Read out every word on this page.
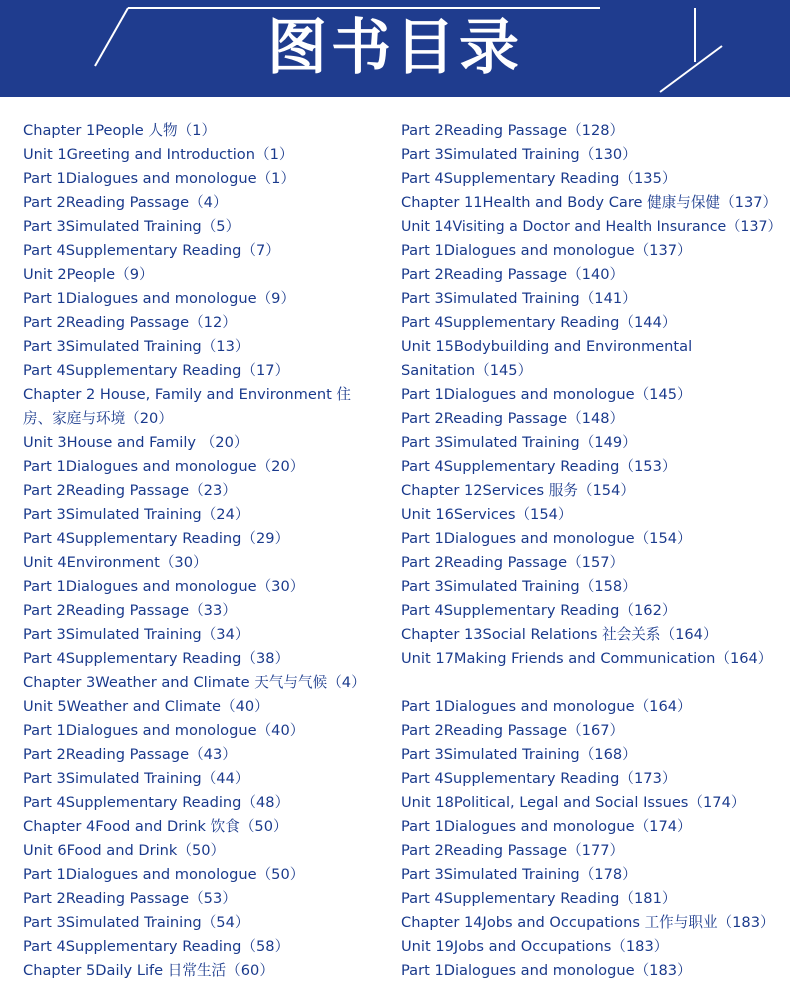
图书目录
Chapter 1People 人物（1）
Unit 1Greeting and Introduction（1）
Part 1Dialogues and monologue（1）
Part 2Reading Passage（4）
Part 3Simulated Training（5）
Part 4Supplementary Reading（7）
Unit 2People（9）
Part 1Dialogues and monologue（9）
Part 2Reading Passage（12）
Part 3Simulated Training（13）
Part 4Supplementary Reading（17）
Chapter 2 House, Family and Environment 住房、家庭与环境（20）
Unit 3House and Family （20）
Part 1Dialogues and monologue（20）
Part 2Reading Passage（23）
Part 3Simulated Training（24）
Part 4Supplementary Reading（29）
Unit 4Environment（30）
Part 1Dialogues and monologue（30）
Part 2Reading Passage（33）
Part 3Simulated Training（34）
Part 4Supplementary Reading（38）
Chapter 3Weather and Climate 天气与气候（4）
Unit 5Weather and Climate（40）
Part 1Dialogues and monologue（40）
Part 2Reading Passage（43）
Part 3Simulated Training（44）
Part 4Supplementary Reading（48）
Chapter 4Food and Drink 饮食（50）
Unit 6Food and Drink（50）
Part 1Dialogues and monologue（50）
Part 2Reading Passage（53）
Part 3Simulated Training（54）
Part 4Supplementary Reading（58）
Chapter 5Daily Life 日常生活（60）
Part 2Reading Passage（128）
Part 3Simulated Training（130）
Part 4Supplementary Reading（135）
Chapter 11Health and Body Care 健康与保健（137）
Unit 14Visiting a Doctor and Health Insurance（137）
Part 1Dialogues and monologue（137）
Part 2Reading Passage（140）
Part 3Simulated Training（141）
Part 4Supplementary Reading（144）
Unit 15Bodybuilding and Environmental Sanitation（145）
Part 1Dialogues and monologue（145）
Part 2Reading Passage（148）
Part 3Simulated Training（149）
Part 4Supplementary Reading（153）
Chapter 12Services 服务（154）
Unit 16Services（154）
Part 1Dialogues and monologue（154）
Part 2Reading Passage（157）
Part 3Simulated Training（158）
Part 4Supplementary Reading（162）
Chapter 13Social Relations 社会关系（164）
Unit 17Making Friends and Communication（164）
Part 1Dialogues and monologue（164）
Part 2Reading Passage（167）
Part 3Simulated Training（168）
Part 4Supplementary Reading（173）
Unit 18Political, Legal and Social Issues（174）
Part 1Dialogues and monologue（174）
Part 2Reading Passage（177）
Part 3Simulated Training（178）
Part 4Supplementary Reading（181）
Chapter 14Jobs and Occupations 工作与职业（183）
Unit 19Jobs and Occupations（183）
Part 1Dialogues and monologue（183）
